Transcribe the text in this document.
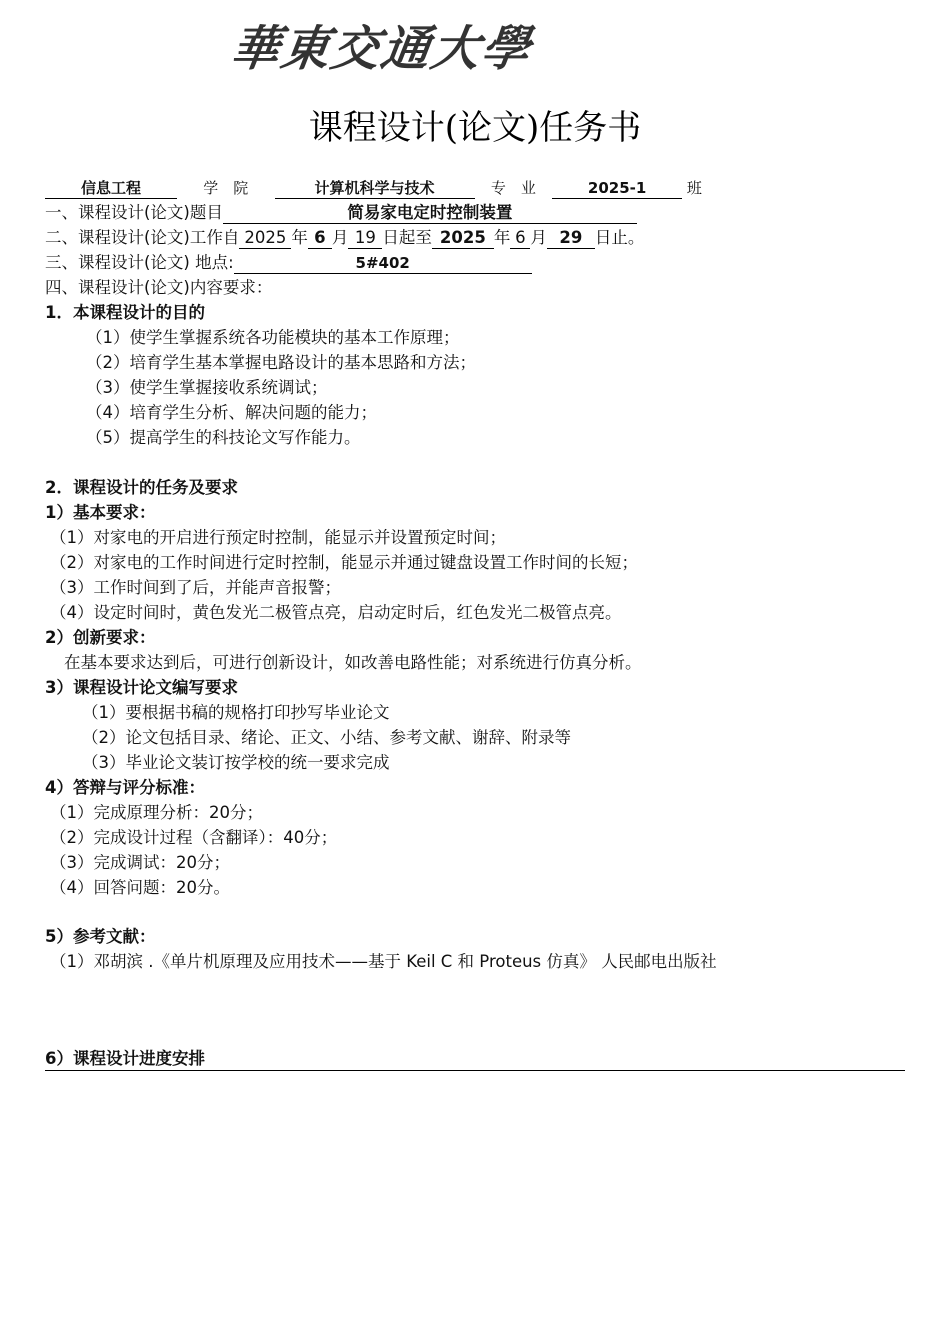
華東交通大學
课程设计(论文)任务书
信息工程	学　院	计算机科学与技术	专　业	2025-1	班
一、课程设计(论文)题目	简易家电定时控制装置
二、课程设计(论文)工作自 2025 年 6 月 19 日起至 2025 年 6 月 29 日止。
三、课程设计(论文) 地点:	5#402
四、课程设计(论文)内容要求：
1．本课程设计的目的
（1）使学生掌握系统各功能模块的基本工作原理；
（2）培育学生基本掌握电路设计的基本思路和方法；
（3）使学生掌握接收系统调试；
（4）培育学生分析、解决问题的能力；
（5）提高学生的科技论文写作能力。
2．课程设计的任务及要求
1）基本要求：
（1）对家电的开启进行预定时控制，能显示并设置预定时间；
（2）对家电的工作时间进行定时控制，能显示并通过键盘设置工作时间的长短；
（3）工作时间到了后，并能声音报警；
（4）设定时间时，黄色发光二极管点亮，启动定时后，红色发光二极管点亮。
2）创新要求：
在基本要求达到后，可进行创新设计，如改善电路性能；对系统进行仿真分析。
3）课程设计论文编写要求
（1）要根据书稿的规格打印抄写毕业论文
（2）论文包括目录、绪论、正文、小结、参考文献、谢辞、附录等
（3）毕业论文装订按学校的统一要求完成
4）答辩与评分标准：
（1）完成原理分析：20分；
（2）完成设计过程（含翻译）：40分；
（3）完成调试：20分；
（4）回答问题：20分。
5）参考文献：
（1）邓胡滨 .《单片机原理及应用技术——基于 Keil C 和 Proteus 仿真》 人民邮电出版社
6）课程设计进度安排
